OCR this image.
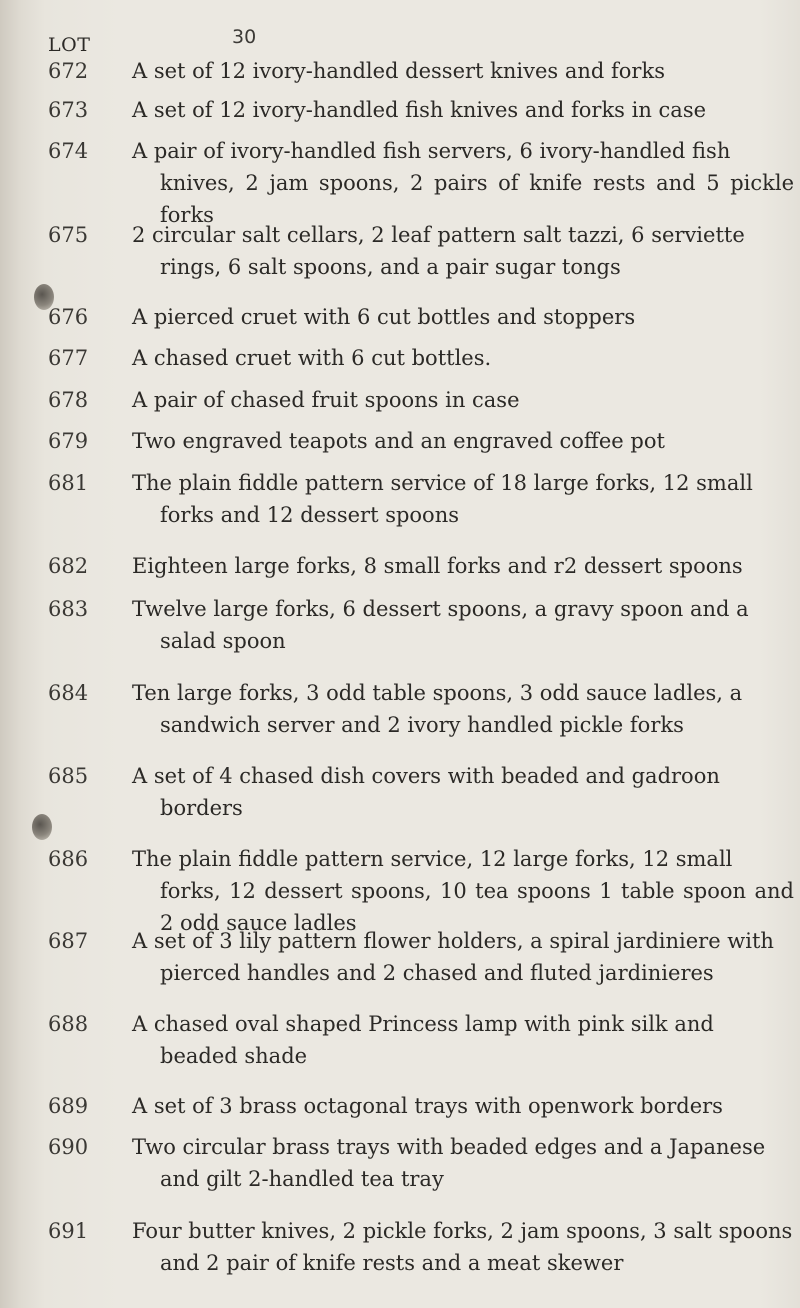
30
LOT
672	A set of 12 ivory-handled dessert knives and forks
673	A set of 12 ivory-handled fish knives and forks in case
674	A pair of ivory-handled fish servers, 6 ivory-handled fish
knives, 2 jam spoons, 2 pairs of knife rests and 5 pickle forks
675	2 circular salt cellars, 2 leaf pattern salt tazzi, 6 serviette
rings, 6 salt spoons, and a pair sugar tongs
676	A pierced cruet with 6 cut bottles and stoppers
677	A chased cruet with 6 cut bottles.
678	A pair of chased fruit spoons in case
679	Two engraved teapots and an engraved coffee pot
681	The plain fiddle pattern service of 18 large forks, 12 small
forks and 12 dessert spoons
682	Eighteen large forks, 8 small forks and r2 dessert spoons
683	Twelve large forks, 6 dessert spoons, a gravy spoon and a
salad spoon
684	Ten large forks, 3 odd table spoons, 3 odd sauce ladles, a
sandwich server and 2 ivory handled pickle forks
685	A set of 4 chased dish covers with beaded and gadroon
borders
686	The plain fiddle pattern service, 12 large forks, 12 small
forks, 12 dessert spoons, 10 tea spoons 1 table spoon and 2 odd sauce ladles
687	A set of 3 lily pattern flower holders, a spiral jardiniere with
pierced handles and 2 chased and fluted jardinieres
688	A chased oval shaped Princess lamp with pink silk and
beaded shade
689	A set of 3 brass octagonal trays with openwork borders
690	Two circular brass trays with beaded edges and a Japanese
and gilt 2-handled tea tray
691	Four butter knives, 2 pickle forks, 2 jam spoons, 3 salt spoons
and 2 pair of knife rests and a meat skewer
